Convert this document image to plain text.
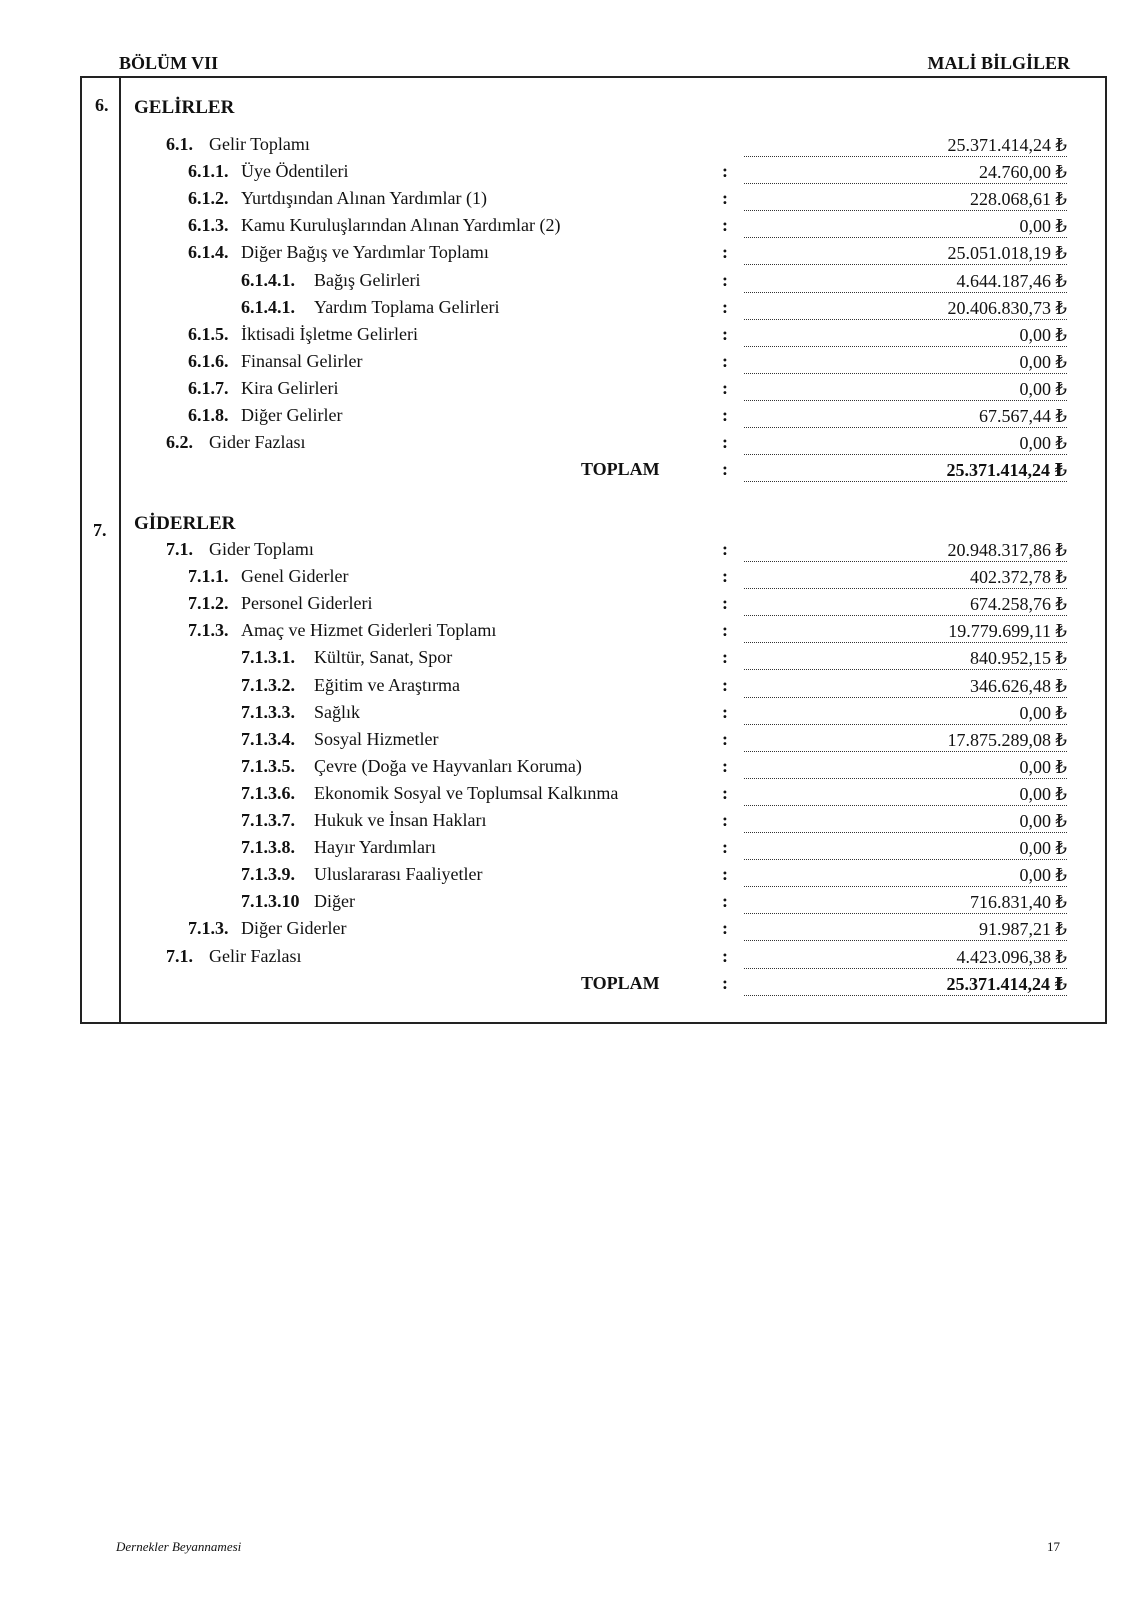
BÖLÜM VII	MALİ BİLGİLER
6. GELİRLER
6.1. Gelir Toplamı	25.371.414,24 ₺
6.1.1. Üye Ödentileri	:	24.760,00 ₺
6.1.2. Yurtdışından Alınan Yardımlar (1)	:	228.068,61 ₺
6.1.3. Kamu Kuruluşlarından Alınan Yardımlar (2)	:	0,00 ₺
6.1.4. Diğer Bağış ve Yardımlar Toplamı	:	25.051.018,19 ₺
6.1.4.1. Bağış Gelirleri	:	4.644.187,46 ₺
6.1.4.1. Yardım Toplama Gelirleri	:	20.406.830,73 ₺
6.1.5. İktisadi İşletme Gelirleri	:	0,00 ₺
6.1.6. Finansal Gelirler	:	0,00 ₺
6.1.7. Kira Gelirleri	:	0,00 ₺
6.1.8. Diğer Gelirler	:	67.567,44 ₺
6.2. Gider Fazlası	:	0,00 ₺
TOPLAM	:	25.371.414,24 ₺
7. GİDERLER
7.1. Gider Toplamı	:	20.948.317,86 ₺
7.1.1. Genel Giderler	:	402.372,78 ₺
7.1.2. Personel Giderleri	:	674.258,76 ₺
7.1.3. Amaç ve Hizmet Giderleri Toplamı	:	19.779.699,11 ₺
7.1.3.1. Kültür, Sanat, Spor	:	840.952,15 ₺
7.1.3.2. Eğitim ve Araştırma	:	346.626,48 ₺
7.1.3.3. Sağlık	:	0,00 ₺
7.1.3.4. Sosyal Hizmetler	:	17.875.289,08 ₺
7.1.3.5. Çevre (Doğa ve Hayvanları Koruma)	:	0,00 ₺
7.1.3.6. Ekonomik Sosyal ve Toplumsal Kalkınma	:	0,00 ₺
7.1.3.7. Hukuk ve İnsan Hakları	:	0,00 ₺
7.1.3.8. Hayır Yardımları	:	0,00 ₺
7.1.3.9. Uluslararası Faaliyetler	:	0,00 ₺
7.1.3.10 Diğer	:	716.831,40 ₺
7.1.3. Diğer Giderler	:	91.987,21 ₺
7.1. Gelir Fazlası	:	4.423.096,38 ₺
TOPLAM	:	25.371.414,24 ₺
Dernekler Beyannamesi	17
